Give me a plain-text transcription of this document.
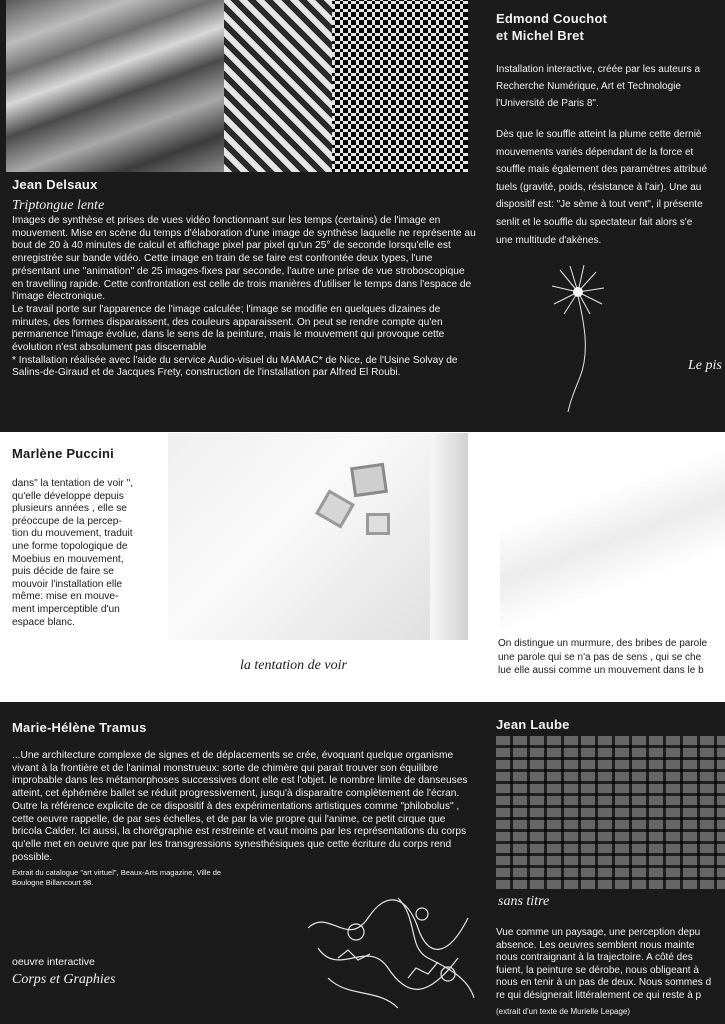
Jean Delsaux
Triptongue lente

Images de synthèse et prises de vues vidéo fonctionnant sur les temps (certains) de l'image en mouvement. Mise en scène du temps d'élaboration d'une image de synthèse laquelle ne représente au bout de 20 à 40 minutes de calcul et affichage pixel par pixel qu'un 25° de seconde lorsqu'elle est enregistrée sur bande vidéo. Cette image en train de se faire est confrontée deux types, l'une présentant une "animation" de 25 images-fixes par seconde, l'autre une prise de vue stroboscopique en travelling rapide. Cette confrontation est celle de trois manières d'utiliser le temps dans l'espace de l'image électronique.

Le travail porte sur l'apparence de l'image calculée; l'image se modifie en quelques dizaines de minutes, des formes disparaissent, des couleurs apparaissent. On peut se rendre compte qu'en permanence l'image évolue, dans le sens de la peinture, mais le mouvement qui provoque cette évolution n'est absolument pas discernable

* Installation réalisée avec l'aide du service Audio-visuel du MAMAC* de Nice, de l'Usine Solvay de Salins-de-Giraud et de Jacques Frety, construction de l'installation par Alfred El Roubi.

Edmond Couchot
et Michel Bret
Installation interactive, créée par les auteurs a
Recherche Numérique, Art et Technologie
l'Université de Paris 8".
Dès que le souffle atteint la plume cette derniè
mouvements variés dépendant de la force et
souffle mais également des paramètres attribué
tuels (gravité, poids, résistance à l'air). Une au
dispositif est: "Je sème à tout vent", il présente
senlit et le souffle du spectateur fait alors s'e
une multitude d'akènes.
Le pis
Marlène Puccini
dans" la tentation de voir ",
qu'elle développe depuis
plusieurs années , elle se
préoccupe de la percep-
tion du mouvement, traduit
une forme topologique de
Moebius en mouvement,
puis décide de faire se
mouvoir l'installation elle
même: mise en mouve-
ment imperceptible d'un
espace blanc.
la tentation de voir
On distingue un murmure, des bribes de parole
une parole qui se n'a pas de sens , qui se che
lue elle aussi comme un mouvement dans le b
Marie-Hélène Tramus
...Une architecture complexe de signes et de déplacements se crée, évoquant quelque organisme vivant à la frontière et de l'animal monstrueux: sorte de chimère qui parait trouver son équilibre improbable dans les métamorphoses successives dont elle est l'objet. le nombre limite de danseuses atteint, cet éphémère ballet se réduit progressivement, jusqu'à disparaitre complètement de l'écran. Outre la référence explicite de ce dispositif à des expérimentations artistiques comme "philobolus" , cette oeuvre rappelle, de par ses échelles, et de par la vie propre qui l'anime, ce petit cirque que bricola Calder. Ici aussi, la chorégraphie est restreinte et vaut moins par les représentations du corps qu'elle met en oeuvre que par les transgressions synesthésiques que cette écriture du corps rend possible.
Extrait du catalogue "art virtuel", Beaux-Arts magazine, Ville de
Boulogne Billancourt 98.
oeuvre interactive
Corps et Graphies
Jean Laube
sans titre
Vue comme un paysage, une perception depu
absence. Les oeuvres semblent nous mainte
nous contraignant à la trajectoire. A côté des
fuient, la peinture se dérobe, nous obligeant à
nous en tenir à un pas de deux. Nous sommes d
re qui désignerait littéralement ce qui reste à p
(extrait d'un texte de Murielle Lepage)
